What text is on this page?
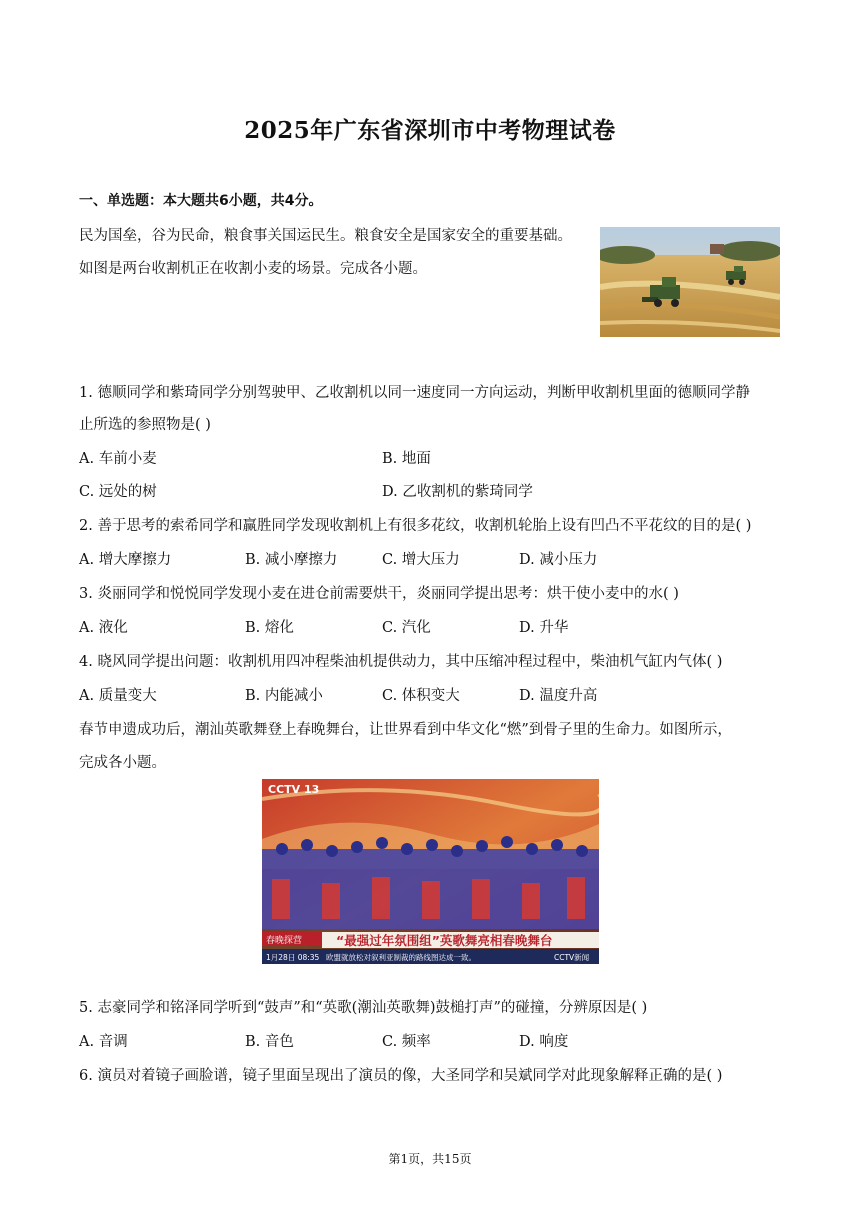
2025年广东省深圳市中考物理试卷
一、单选题：本大题共6小题，共4分。
民为国垒，谷为民命，粮食事关国运民生。粮食安全是国家安全的重要基础。
如图是两台收割机正在收割小麦的场景。完成各小题。
1. 德顺同学和紫琦同学分别驾驶甲、乙收割机以同一速度同一方向运动，判断甲收割机里面的德顺同学静
止所选的参照物是( )
A. 车前小麦	B. 地面
C. 远处的树	D. 乙收割机的紫琦同学
2. 善于思考的索希同学和赢胜同学发现收割机上有很多花纹，收割机轮胎上设有凹凸不平花纹的目的是( )
A. 增大摩擦力	B. 减小摩擦力	C. 增大压力	D. 减小压力
3. 炎丽同学和悦悦同学发现小麦在进仓前需要烘干，炎丽同学提出思考：烘干使小麦中的水( )
A. 液化	B. 熔化	C. 汽化	D. 升华
4. 晓风同学提出问题：收割机用四冲程柴油机提供动力，其中压缩冲程过程中，柴油机气缸内气体( )
A. 质量变大	B. 内能减小	C. 体积变大	D. 温度升高
春节申遗成功后，潮汕英歌舞登上春晚舞台，让世界看到中华文化“燃”到骨子里的生命力。如图所示，
完成各小题。
CCTV 13
春晚探营	“最强过年氛围组”英歌舞亮相春晚舞台
1月28日 08:35 欧盟就放松对叙利亚制裁的路线图达成一致。	CCTV新闻
5. 志豪同学和铭泽同学听到“鼓声”和“英歌(潮汕英歌舞)鼓槌打声”的碰撞，分辨原因是( )
A. 音调	B. 音色	C. 频率	D. 响度
6. 演员对着镜子画脸谱，镜子里面呈现出了演员的像，大圣同学和吴斌同学对此现象解释正确的是( )
第1页，共15页
